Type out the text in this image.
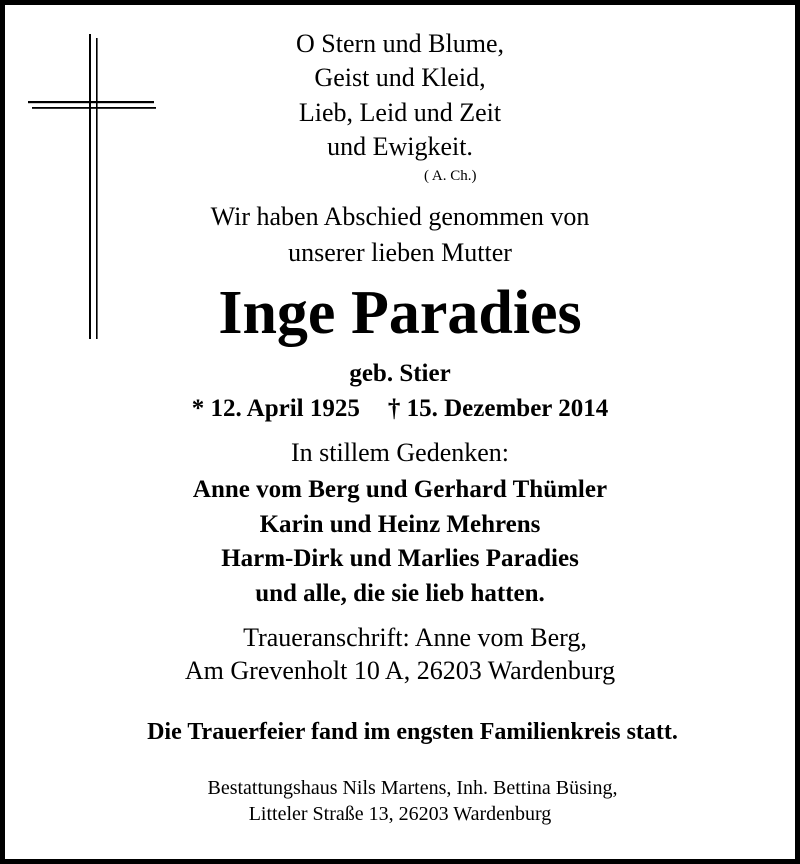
O Stern und Blume,
Geist und Kleid,
Lieb, Leid und Zeit
und Ewigkeit.
( A. Ch.)
Wir haben Abschied genommen von
unserer lieben Mutter
Inge Paradies
geb. Stier
* 12. April 1925 † 15. Dezember 2014
In stillem Gedenken:
Anne vom Berg und Gerhard Thümler
Karin und Heinz Mehrens
Harm-Dirk und Marlies Paradies
und alle, die sie lieb hatten.
Traueranschrift: Anne vom Berg,
Am Grevenholt 10 A, 26203 Wardenburg
Die Trauerfeier fand im engsten Familienkreis statt.
Bestattungshaus Nils Martens, Inh. Bettina Büsing,
Litteler Straße 13, 26203 Wardenburg
